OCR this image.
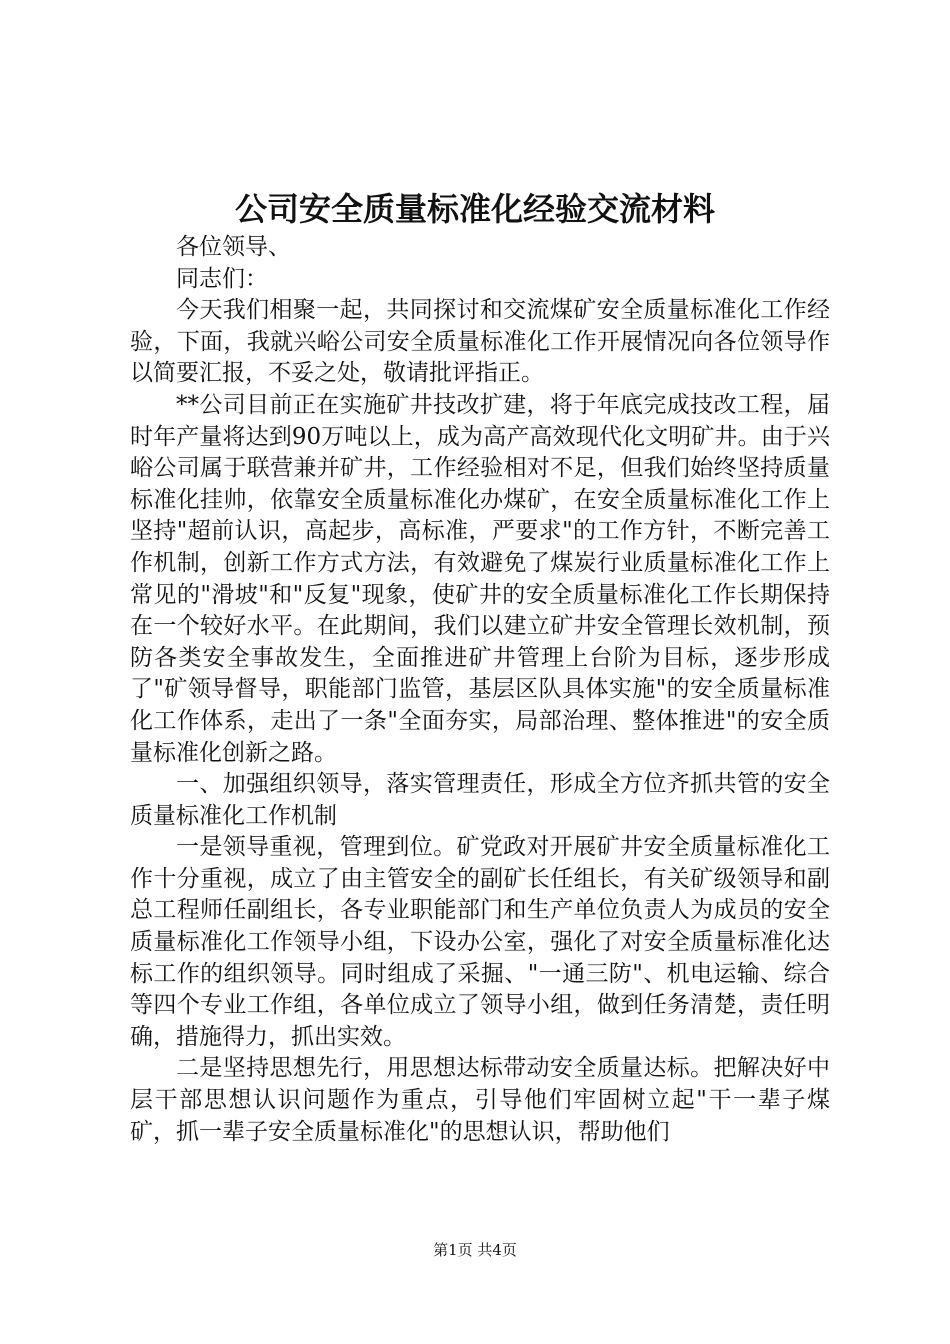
公司安全质量标准化经验交流材料

各位领导、

同志们：

今天我们相聚一起，共同探讨和交流煤矿安全质量标准化工作经验，下面，我就兴峪公司安全质量标准化工作开展情况向各位领导作以简要汇报，不妥之处，敬请批评指正。

**公司目前正在实施矿井技改扩建，将于年底完成技改工程，届时年产量将达到90万吨以上，成为高产高效现代化文明矿井。由于兴峪公司属于联营兼并矿井，工作经验相对不足，但我们始终坚持质量标准化挂帅，依靠安全质量标准化办煤矿，在安全质量标准化工作上坚持"超前认识，高起步，高标准，严要求"的工作方针，不断完善工作机制，创新工作方式方法，有效避免了煤炭行业质量标准化工作上常见的"滑坡"和"反复"现象，使矿井的安全质量标准化工作长期保持在一个较好水平。在此期间，我们以建立矿井安全管理长效机制，预防各类安全事故发生，全面推进矿井管理上台阶为目标，逐步形成了"矿领导督导，职能部门监管，基层区队具体实施"的安全质量标准化工作体系，走出了一条"全面夯实，局部治理、整体推进"的安全质量标准化创新之路。

一、加强组织领导，落实管理责任，形成全方位齐抓共管的安全质量标准化工作机制

一是领导重视，管理到位。矿党政对开展矿井安全质量标准化工作十分重视，成立了由主管安全的副矿长任组长，有关矿级领导和副总工程师任副组长，各专业职能部门和生产单位负责人为成员的安全质量标准化工作领导小组，下设办公室，强化了对安全质量标准化达标工作的组织领导。同时组成了采掘、"一通三防"、机电运输、综合等四个专业工作组，各单位成立了领导小组，做到任务清楚，责任明确，措施得力，抓出实效。

二是坚持思想先行，用思想达标带动安全质量达标。把解决好中层干部思想认识问题作为重点，引导他们牢固树立起"干一辈子煤矿，抓一辈子安全质量标准化"的思想认识，帮助他们

第1页 共4页
